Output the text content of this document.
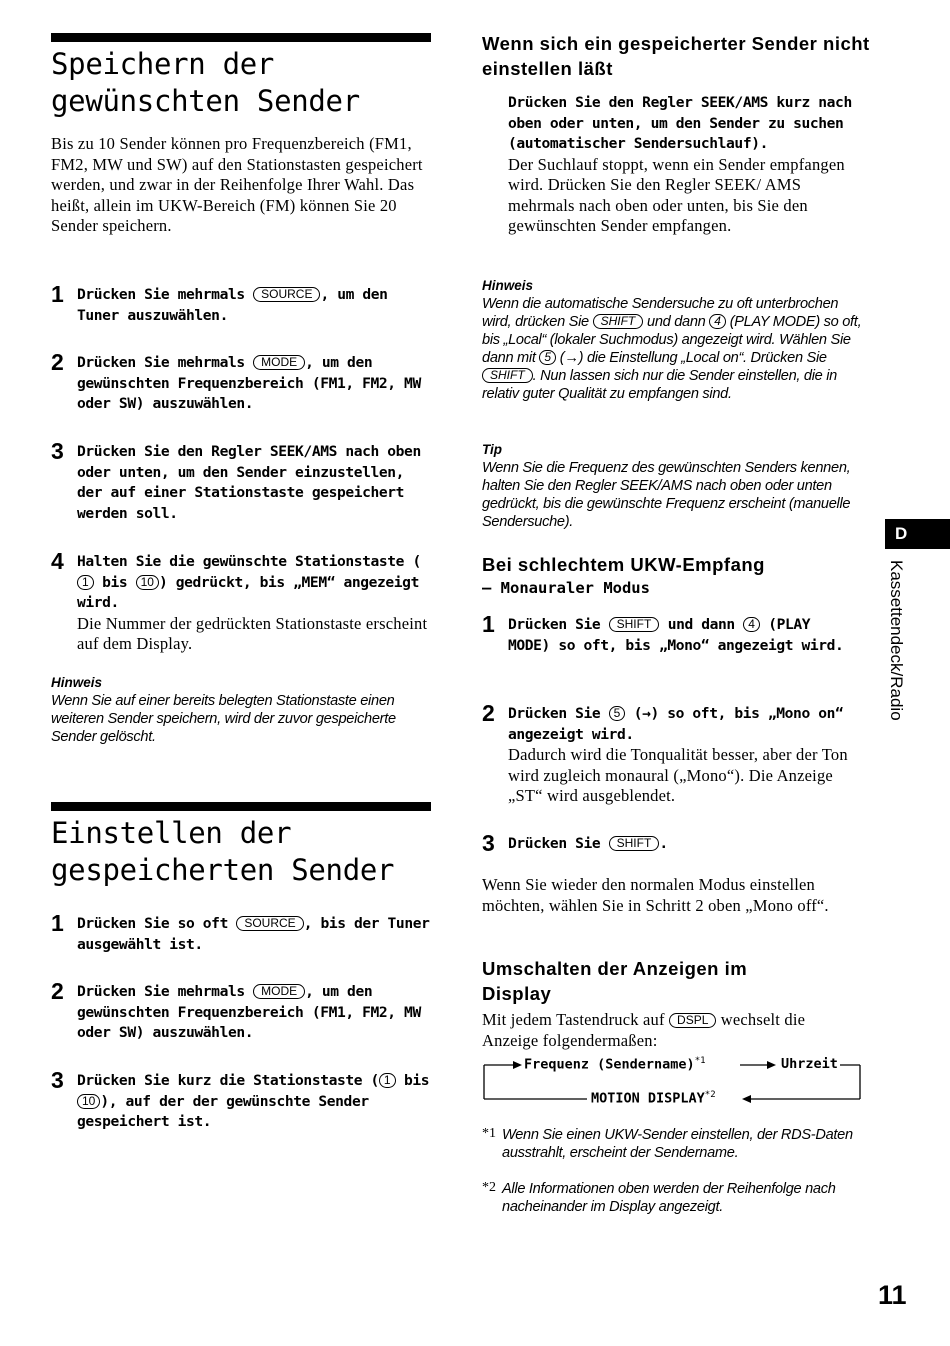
Speichern der
gewünschten Sender
Bis zu 10 Sender können pro Frequenzbereich (FM1, FM2, MW und SW) auf den Stationstasten gespeichert werden, und zwar in der Reihenfolge Ihrer Wahl. Das heißt, allein im UKW-Bereich (FM) können Sie 20 Sender speichern.
1 Drücken Sie mehrmals SOURCE , um den Tuner auszuwählen.
2 Drücken Sie mehrmals MODE , um den gewünschten Frequenzbereich (FM1, FM2, MW oder SW) auszuwählen.
3 Drücken Sie den Regler SEEK/AMS nach oben oder unten, um den Sender einzustellen, der auf einer Stationstaste gespeichert werden soll.
4 Halten Sie die gewünschte Stationstaste (1 bis 10 ) gedrückt, bis „MEM“ angezeigt wird.
Die Nummer der gedrückten Stationstaste erscheint auf dem Display.
Hinweis
Wenn Sie auf einer bereits belegten Stationstaste einen weiteren Sender speichern, wird der zuvor gespeicherte Sender gelöscht.
Einstellen der
gespeicherten Sender
1 Drücken Sie so oft SOURCE , bis der Tuner ausgewählt ist.
2 Drücken Sie mehrmals MODE , um den gewünschten Frequenzbereich (FM1, FM2, MW oder SW) auszuwählen.
3 Drücken Sie kurz die Stationstaste ( 1 bis 10 ), auf der der gewünschte Sender gespeichert ist.
Wenn sich ein gespeicherter Sender nicht einstellen läßt
Drücken Sie den Regler SEEK/AMS kurz nach oben oder unten, um den Sender zu suchen (automatischer Sendersuchlauf).
Der Suchlauf stoppt, wenn ein Sender empfangen wird. Drücken Sie den Regler SEEK/ AMS mehrmals nach oben oder unten, bis Sie den gewünschten Sender empfangen.
Hinweis
Wenn die automatische Sendersuche zu oft unterbrochen wird, drücken Sie SHIFT und dann 4 (PLAY MODE) so oft, bis „Local“ (lokaler Suchmodus) angezeigt wird. Wählen Sie dann mit 5 (→) die Einstellung „Local on“. Drücken Sie SHIFT . Nun lassen sich nur die Sender einstellen, die in relativ guter Qualität zu empfangen sind.
Tip
Wenn Sie die Frequenz des gewünschten Senders kennen, halten Sie den Regler SEEK/AMS nach oben oder unten gedrückt, bis die gewünschte Frequenz erscheint (manuelle Sendersuche).
Bei schlechtem UKW-Empfang
— Monauraler Modus
1 Drücken Sie SHIFT und dann 4 (PLAY MODE) so oft, bis „Mono“ angezeigt wird.
2 Drücken Sie 5 (→) so oft, bis „Mono on“ angezeigt wird.
Dadurch wird die Tonqualität besser, aber der Ton wird zugleich monaural („Mono“). Die Anzeige „ST“ wird ausgeblendet.
3 Drücken Sie SHIFT .
Wenn Sie wieder den normalen Modus einstellen möchten, wählen Sie in Schritt 2 oben „Mono off“.
Umschalten der Anzeigen im Display
Mit jedem Tastendruck auf DSPL wechselt die Anzeige folgendermaßen:
Frequenz (Sendername)$^{*1}$	Uhrzeit
MOTION DISPLAY$^{*2}$
*1 Wenn Sie einen UKW-Sender einstellen, der RDS-Daten ausstrahlt, erscheint der Sendername.
*2 Alle Informationen oben werden der Reihenfolge nach nacheinander im Display angezeigt.
D
Kassettendeck/Radio
11
